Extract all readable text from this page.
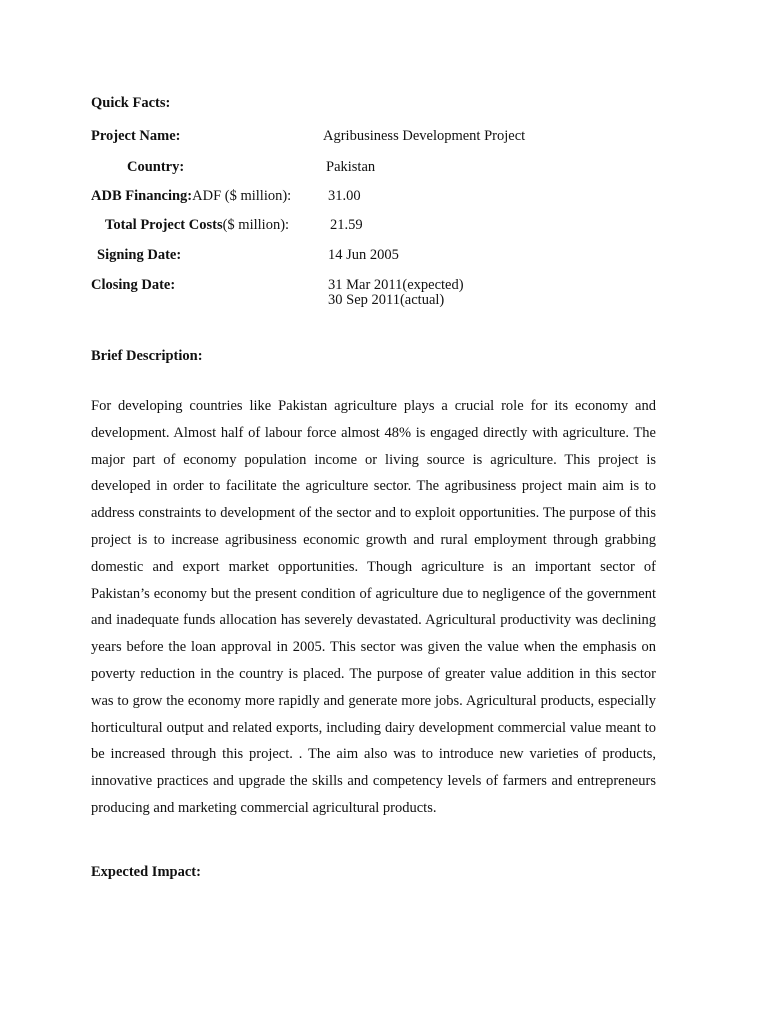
Quick Facts:
Project Name:	Agribusiness Development Project
Country:	Pakistan
ADB Financing:ADF ($ million):	31.00
Total Project Costs($ million):	21.59
Signing Date:	14 Jun 2005
Closing Date:	31 Mar 2011(expected)
30 Sep 2011(actual)
Brief Description:

For developing countries like Pakistan agriculture plays a crucial role for its economy and development. Almost half of labour force almost 48% is engaged directly with agriculture. The major part of economy population income or living source is agriculture. This project is developed in order to facilitate the agriculture sector. The agribusiness project main aim is to address constraints to development of the sector and to exploit opportunities. The purpose of this project is to increase agribusiness economic growth and rural employment through grabbing domestic and export market opportunities. Though agriculture is an important sector of Pakistan’s economy but the present condition of agriculture due to negligence of the government and inadequate funds allocation has severely devastated. Agricultural productivity was declining years before the loan approval in 2005. This sector was given the value when the emphasis on poverty reduction in the country is placed. The purpose of greater value addition in this sector was to grow the economy more rapidly and generate more jobs. Agricultural products, especially horticultural output and related exports, including dairy development commercial value meant to be increased through this project. . The aim also was to introduce new varieties of products, innovative practices and upgrade the skills and competency levels of farmers and entrepreneurs producing and marketing commercial agricultural products.

Expected Impact:
